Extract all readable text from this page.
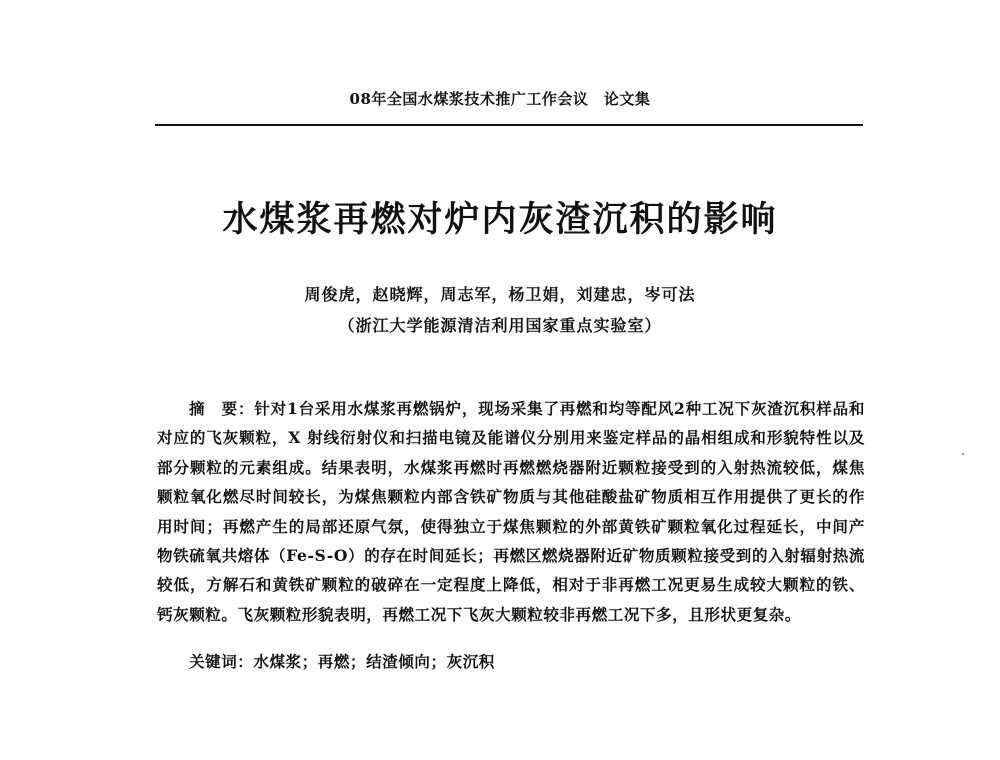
08年全国水煤浆技术推广工作会议　论文集
水煤浆再燃对炉内灰渣沉积的影响
周俊虎，赵晓辉，周志军，杨卫娟，刘建忠，岑可法
（浙江大学能源清洁利用国家重点实验室）

摘　要：针对1台采用水煤浆再燃锅炉，现场采集了再燃和均等配风2种工况下灰渣沉积样品和对应的飞灰颗粒，X 射线衍射仪和扫描电镜及能谱仪分别用来鉴定样品的晶相组成和形貌特性以及部分颗粒的元素组成。结果表明，水煤浆再燃时再燃燃烧器附近颗粒接受到的入射热流较低，煤焦颗粒氧化燃尽时间较长，为煤焦颗粒内部含铁矿物质与其他硅酸盐矿物质相互作用提供了更长的作用时间；再燃产生的局部还原气氛，使得独立于煤焦颗粒的外部黄铁矿颗粒氧化过程延长，中间产物铁硫氧共熔体（Fe-S-O）的存在时间延长；再燃区燃烧器附近矿物质颗粒接受到的入射辐射热流较低，方解石和黄铁矿颗粒的破碎在一定程度上降低，相对于非再燃工况更易生成较大颗粒的铁、钙灰颗粒。飞灰颗粒形貌表明，再燃工况下飞灰大颗粒较非再燃工况下多，且形状更复杂。

关键词：水煤浆；再燃；结渣倾向；灰沉积
